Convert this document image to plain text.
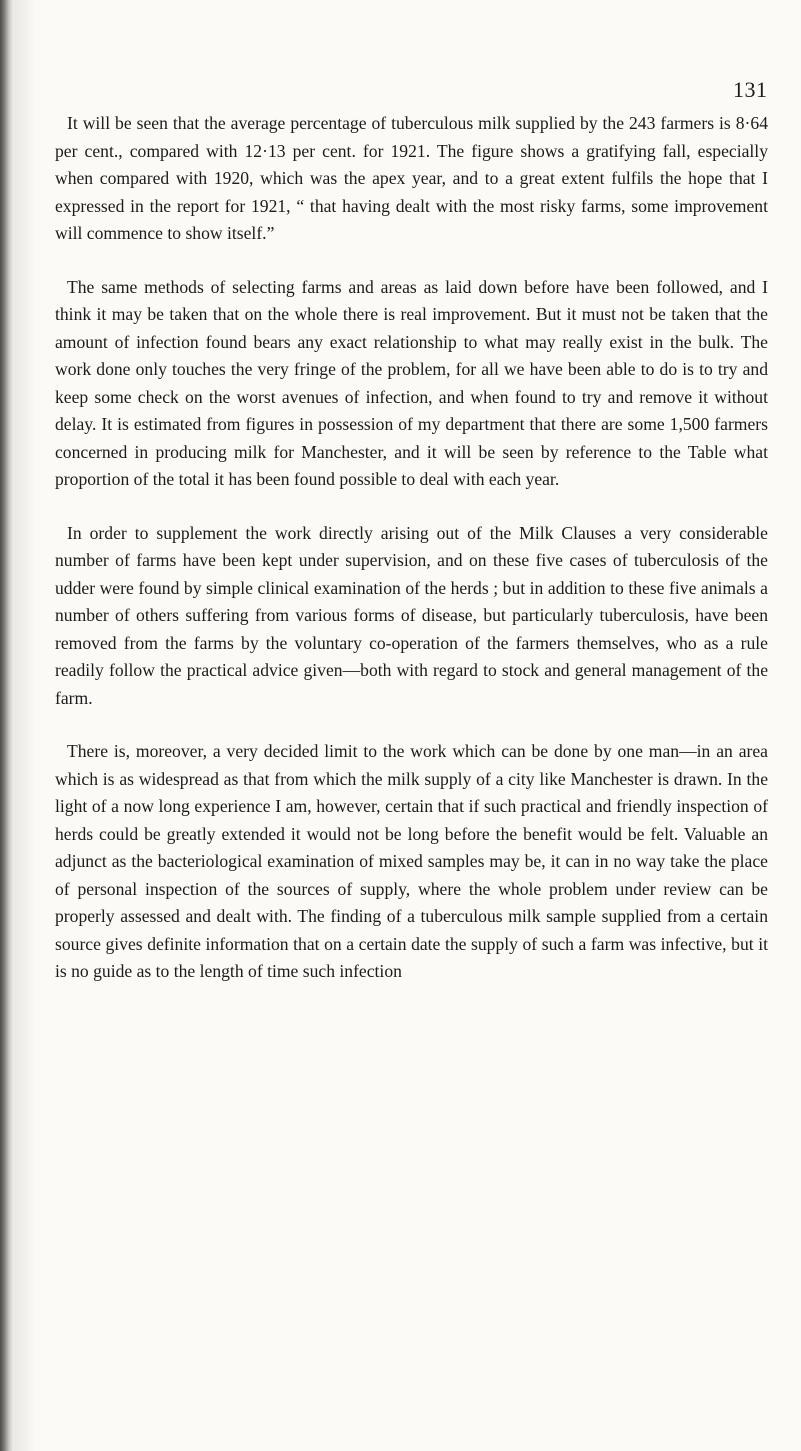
131

It will be seen that the average percentage of tuberculous milk supplied by the 243 farmers is 8·64 per cent., compared with 12·13 per cent. for 1921. The figure shows a gratifying fall, especially when compared with 1920, which was the apex year, and to a great extent fulfils the hope that I expressed in the report for 1921, “ that having dealt with the most risky farms, some improvement will commence to show itself.”

The same methods of selecting farms and areas as laid down before have been followed, and I think it may be taken that on the whole there is real improvement. But it must not be taken that the amount of infection found bears any exact relationship to what may really exist in the bulk. The work done only touches the very fringe of the problem, for all we have been able to do is to try and keep some check on the worst avenues of infection, and when found to try and remove it without delay. It is estimated from figures in possession of my department that there are some 1,500 farmers concerned in producing milk for Manchester, and it will be seen by reference to the Table what proportion of the total it has been found possible to deal with each year.

In order to supplement the work directly arising out of the Milk Clauses a very considerable number of farms have been kept under supervision, and on these five cases of tuberculosis of the udder were found by simple clinical examination of the herds ; but in addition to these five animals a number of others suffering from various forms of disease, but particularly tuberculosis, have been removed from the farms by the voluntary co-operation of the farmers themselves, who as a rule readily follow the practical advice given—both with regard to stock and general management of the farm.

There is, moreover, a very decided limit to the work which can be done by one man—in an area which is as widespread as that from which the milk supply of a city like Manchester is drawn. In the light of a now long experience I am, however, certain that if such practical and friendly inspection of herds could be greatly extended it would not be long before the benefit would be felt. Valuable an adjunct as the bacteriological examination of mixed samples may be, it can in no way take the place of personal inspection of the sources of supply, where the whole problem under review can be properly assessed and dealt with. The finding of a tuberculous milk sample supplied from a certain source gives definite information that on a certain date the supply of such a farm was infective, but it is no guide as to the length of time such infection
